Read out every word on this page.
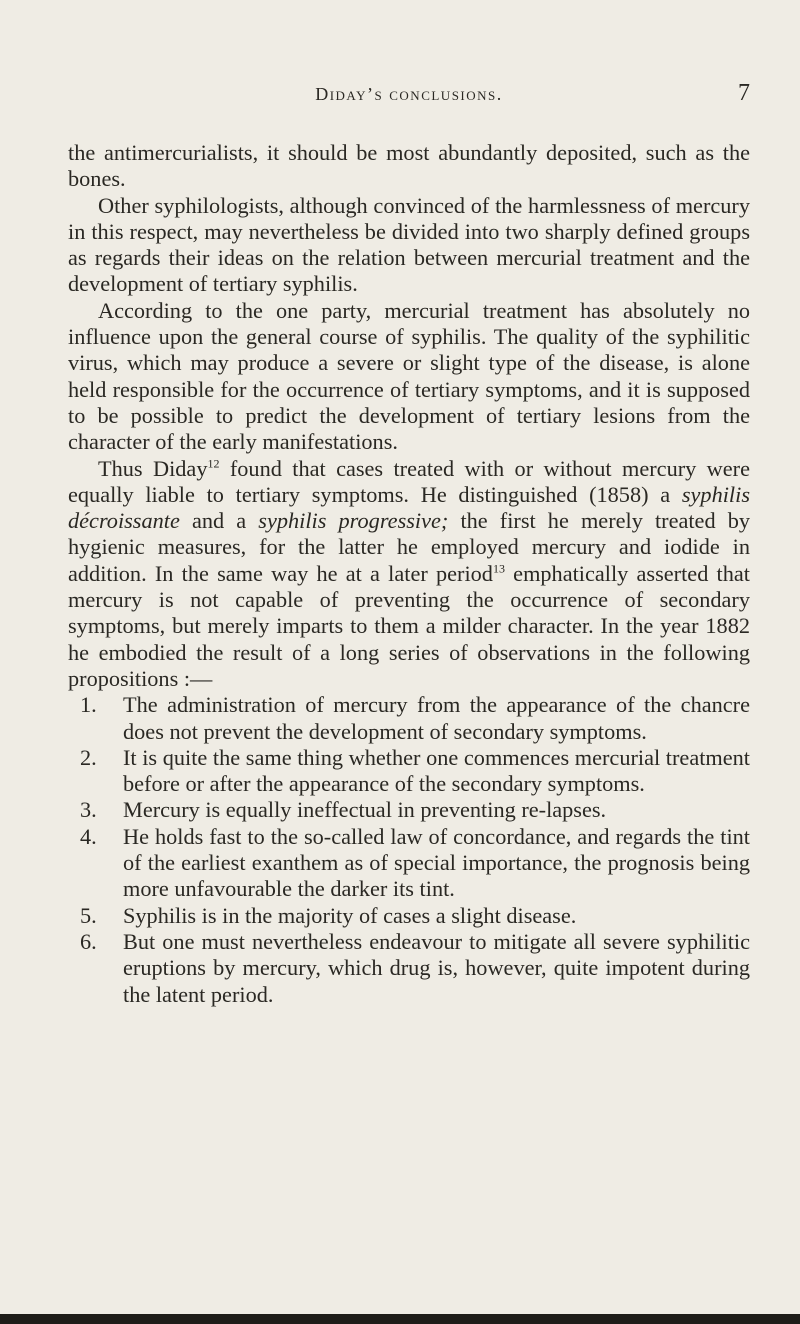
Diday’s conclusions.	7

the antimercurialists, it should be most abundantly deposited, such as the bones.

Other syphilologists, although convinced of the harmlessness of mercury in this respect, may nevertheless be divided into two sharply defined groups as regards their ideas on the relation between mercurial treatment and the development of tertiary syphilis.

According to the one party, mercurial treatment has absolutely no influence upon the general course of syphilis. The quality of the syphilitic virus, which may produce a severe or slight type of the disease, is alone held responsible for the occurrence of tertiary symptoms, and it is supposed to be possible to predict the development of tertiary lesions from the character of the early manifestations.

Thus Diday$^{12}$ found that cases treated with or without mercury were equally liable to tertiary symptoms. He distinguished (1858) a syphilis décroissante and a syphilis progressive; the first he merely treated by hygienic measures, for the latter he employed mercury and iodide in addition. In the same way he at a later period$^{13}$ emphatically asserted that mercury is not capable of preventing the occurrence of secondary symptoms, but merely imparts to them a milder character. In the year 1882 he embodied the result of a long series of observations in the following propositions :—

1. The administration of mercury from the appearance of the chancre does not prevent the development of secondary symptoms.
2. It is quite the same thing whether one commences mercurial treatment before or after the appearance of the secondary symptoms.
3. Mercury is equally ineffectual in preventing re-lapses.
4. He holds fast to the so-called law of concordance, and regards the tint of the earliest exanthem as of special importance, the prognosis being more unfavourable the darker its tint.
5. Syphilis is in the majority of cases a slight disease.
6. But one must nevertheless endeavour to mitigate all severe syphilitic eruptions by mercury, which drug is, however, quite impotent during the latent period.
